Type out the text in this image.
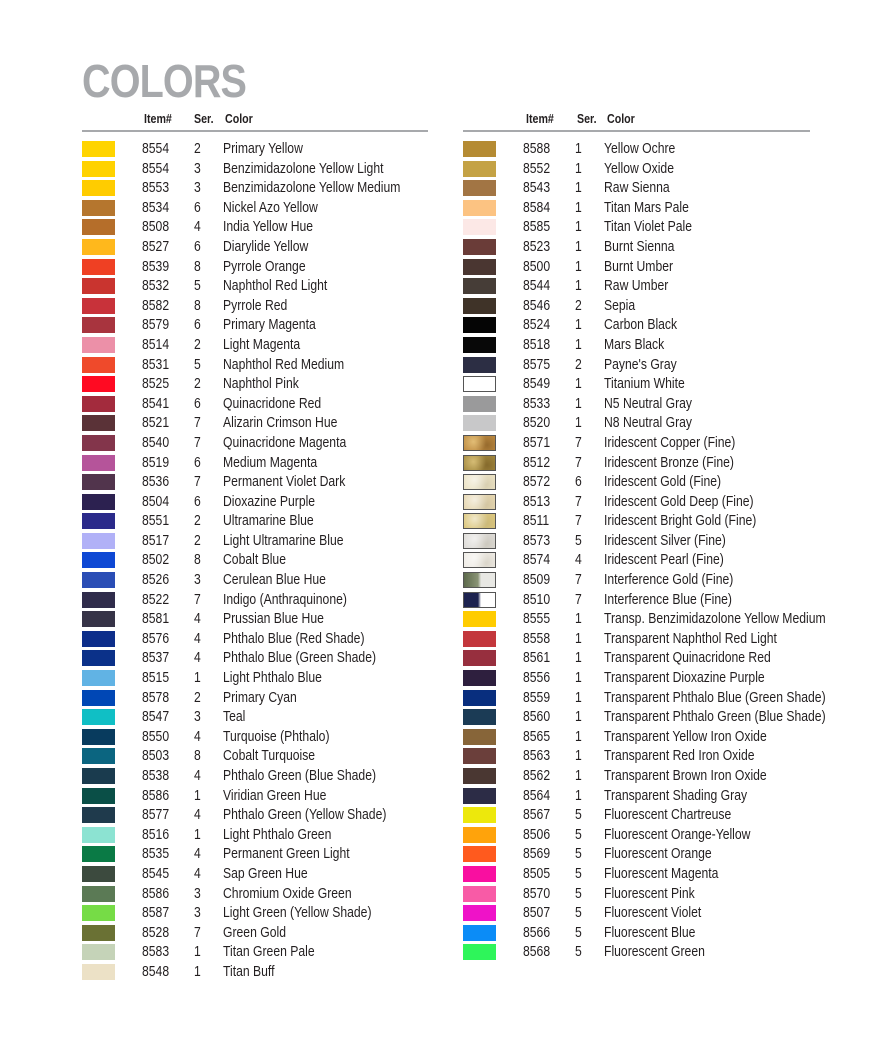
COLORS
Item# Ser. Color
8554 2 Primary Yellow
8554 3 Benzimidazolone Yellow Light
8553 3 Benzimidazolone Yellow Medium
8534 6 Nickel Azo Yellow
8508 4 India Yellow Hue
8527 6 Diarylide Yellow
8539 8 Pyrrole Orange
8532 5 Naphthol Red Light
8582 8 Pyrrole Red
8579 6 Primary Magenta
8514 2 Light Magenta
8531 5 Naphthol Red Medium
8525 2 Naphthol Pink
8541 6 Quinacridone Red
8521 7 Alizarin Crimson Hue
8540 7 Quinacridone Magenta
8519 6 Medium Magenta
8536 7 Permanent Violet Dark
8504 6 Dioxazine Purple
8551 2 Ultramarine Blue
8517 2 Light Ultramarine Blue
8502 8 Cobalt Blue
8526 3 Cerulean Blue Hue
8522 7 Indigo (Anthraquinone)
8581 4 Prussian Blue Hue
8576 4 Phthalo Blue (Red Shade)
8537 4 Phthalo Blue (Green Shade)
8515 1 Light Phthalo Blue
8578 2 Primary Cyan
8547 3 Teal
8550 4 Turquoise (Phthalo)
8503 8 Cobalt Turquoise
8538 4 Phthalo Green (Blue Shade)
8586 1 Viridian Green Hue
8577 4 Phthalo Green (Yellow Shade)
8516 1 Light Phthalo Green
8535 4 Permanent Green Light
8545 4 Sap Green Hue
8586 3 Chromium Oxide Green
8587 3 Light Green (Yellow Shade)
8528 7 Green Gold
8583 1 Titan Green Pale
8548 1 Titan Buff
Item# Ser. Color
8588 1 Yellow Ochre
8552 1 Yellow Oxide
8543 1 Raw Sienna
8584 1 Titan Mars Pale
8585 1 Titan Violet Pale
8523 1 Burnt Sienna
8500 1 Burnt Umber
8544 1 Raw Umber
8546 2 Sepia
8524 1 Carbon Black
8518 1 Mars Black
8575 2 Payne's Gray
8549 1 Titanium White
8533 1 N5 Neutral Gray
8520 1 N8 Neutral Gray
8571 7 Iridescent Copper (Fine)
8512 7 Iridescent Bronze (Fine)
8572 6 Iridescent Gold (Fine)
8513 7 Iridescent Gold Deep (Fine)
8511 7 Iridescent Bright Gold (Fine)
8573 5 Iridescent Silver (Fine)
8574 4 Iridescent Pearl (Fine)
8509 7 Interference Gold (Fine)
8510 7 Interference Blue (Fine)
8555 1 Transp. Benzimidazolone Yellow Medium
8558 1 Transparent Naphthol Red Light
8561 1 Transparent Quinacridone Red
8556 1 Transparent Dioxazine Purple
8559 1 Transparent Phthalo Blue (Green Shade)
8560 1 Transparent Phthalo Green (Blue Shade)
8565 1 Transparent Yellow Iron Oxide
8563 1 Transparent Red Iron Oxide
8562 1 Transparent Brown Iron Oxide
8564 1 Transparent Shading Gray
8567 5 Fluorescent Chartreuse
8506 5 Fluorescent Orange-Yellow
8569 5 Fluorescent Orange
8505 5 Fluorescent Magenta
8570 5 Fluorescent Pink
8507 5 Fluorescent Violet
8566 5 Fluorescent Blue
8568 5 Fluorescent Green
